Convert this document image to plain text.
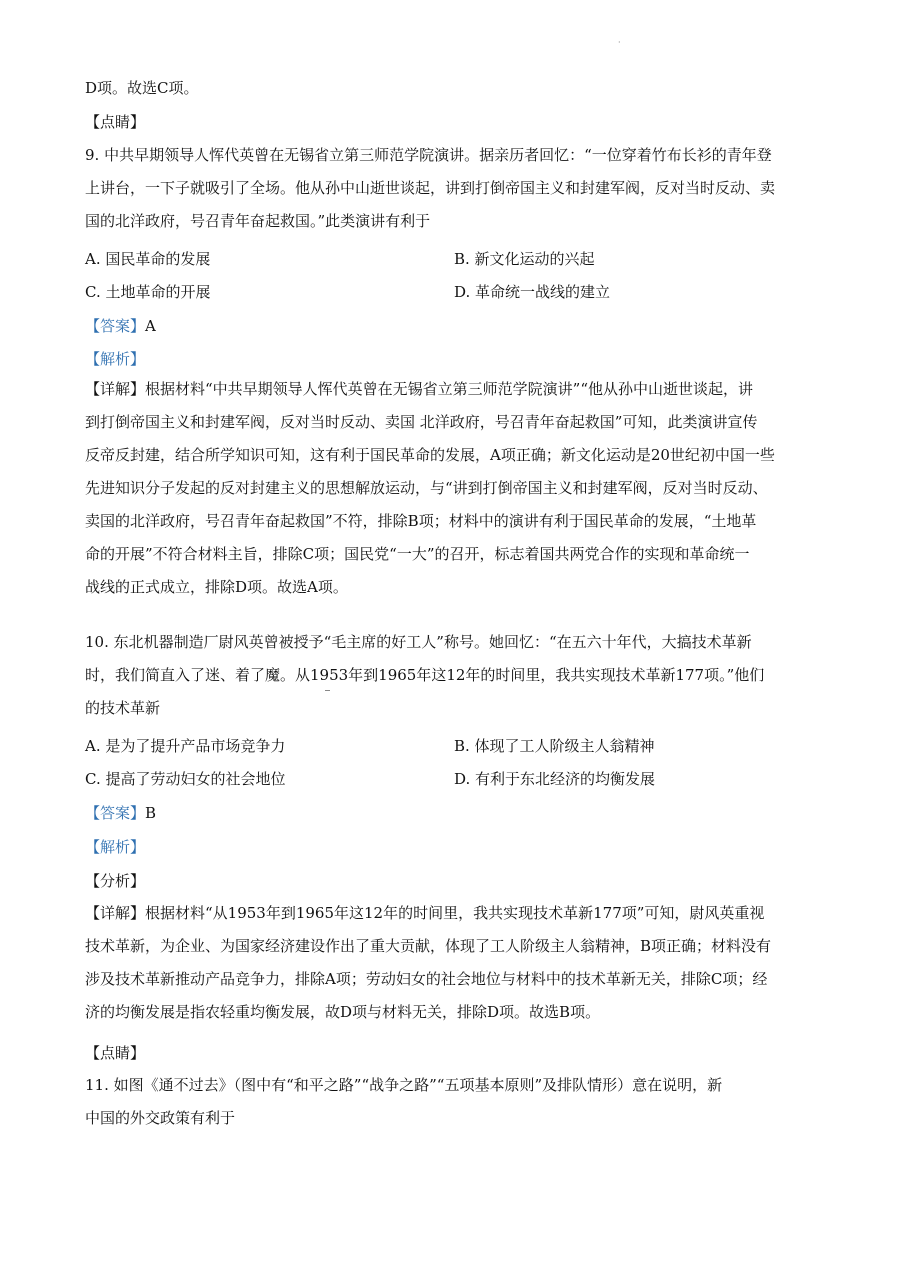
·
D项。故选C项。
【点睛】
9. 中共早期领导人恽代英曾在无锡省立第三师范学院演讲。据亲历者回忆：“一位穿着竹布长衫的青年登
上讲台，一下子就吸引了全场。他从孙中山逝世谈起，讲到打倒帝国主义和封建军阀，反对当时反动、卖
国的北洋政府，号召青年奋起救国。”此类演讲有利于
A. 国民革命的发展	B. 新文化运动的兴起
C. 土地革命的开展	D. 革命统一战线的建立
【答案】A
【解析】
【详解】根据材料“中共早期领导人恽代英曾在无锡省立第三师范学院演讲”“他从孙中山逝世谈起，讲
到打倒帝国主义和封建军阀，反对当时反动、卖国 北洋政府，号召青年奋起救国”可知，此类演讲宣传
反帝反封建，结合所学知识可知，这有利于国民革命的发展，A项正确；新文化运动是20世纪初中国一些
先进知识分子发起的反对封建主义的思想解放运动，与“讲到打倒帝国主义和封建军阀，反对当时反动、
卖国的北洋政府，号召青年奋起救国”不符，排除B项；材料中的演讲有利于国民革命的发展，“土地革
命的开展”不符合材料主旨，排除C项；国民党“一大”的召开，标志着国共两党合作的实现和革命统一
战线的正式成立，排除D项。故选A项。
10. 东北机器制造厂尉风英曾被授予“毛主席的好工人”称号。她回忆：“在五六十年代，大搞技术革新
时，我们简直入了迷、着了魔。从1953年到1965年这12年的时间里，我共实现技术革新177项。”他们
的技术革新
A. 是为了提升产品市场竞争力	B. 体现了工人阶级主人翁精神
C. 提高了劳动妇女的社会地位	D. 有利于东北经济的均衡发展
【答案】B
【解析】
【分析】
【详解】根据材料“从1953年到1965年这12年的时间里，我共实现技术革新177项”可知，尉风英重视
技术革新，为企业、为国家经济建设作出了重大贡献，体现了工人阶级主人翁精神，B项正确；材料没有
涉及技术革新推动产品竞争力，排除A项；劳动妇女的社会地位与材料中的技术革新无关，排除C项；经
济的均衡发展是指农轻重均衡发展，故D项与材料无关，排除D项。故选B项。
【点睛】
11. 如图《通不过去》（图中有“和平之路”“战争之路”“五项基本原则”及排队情形）意在说明，新
中国的外交政策有利于
